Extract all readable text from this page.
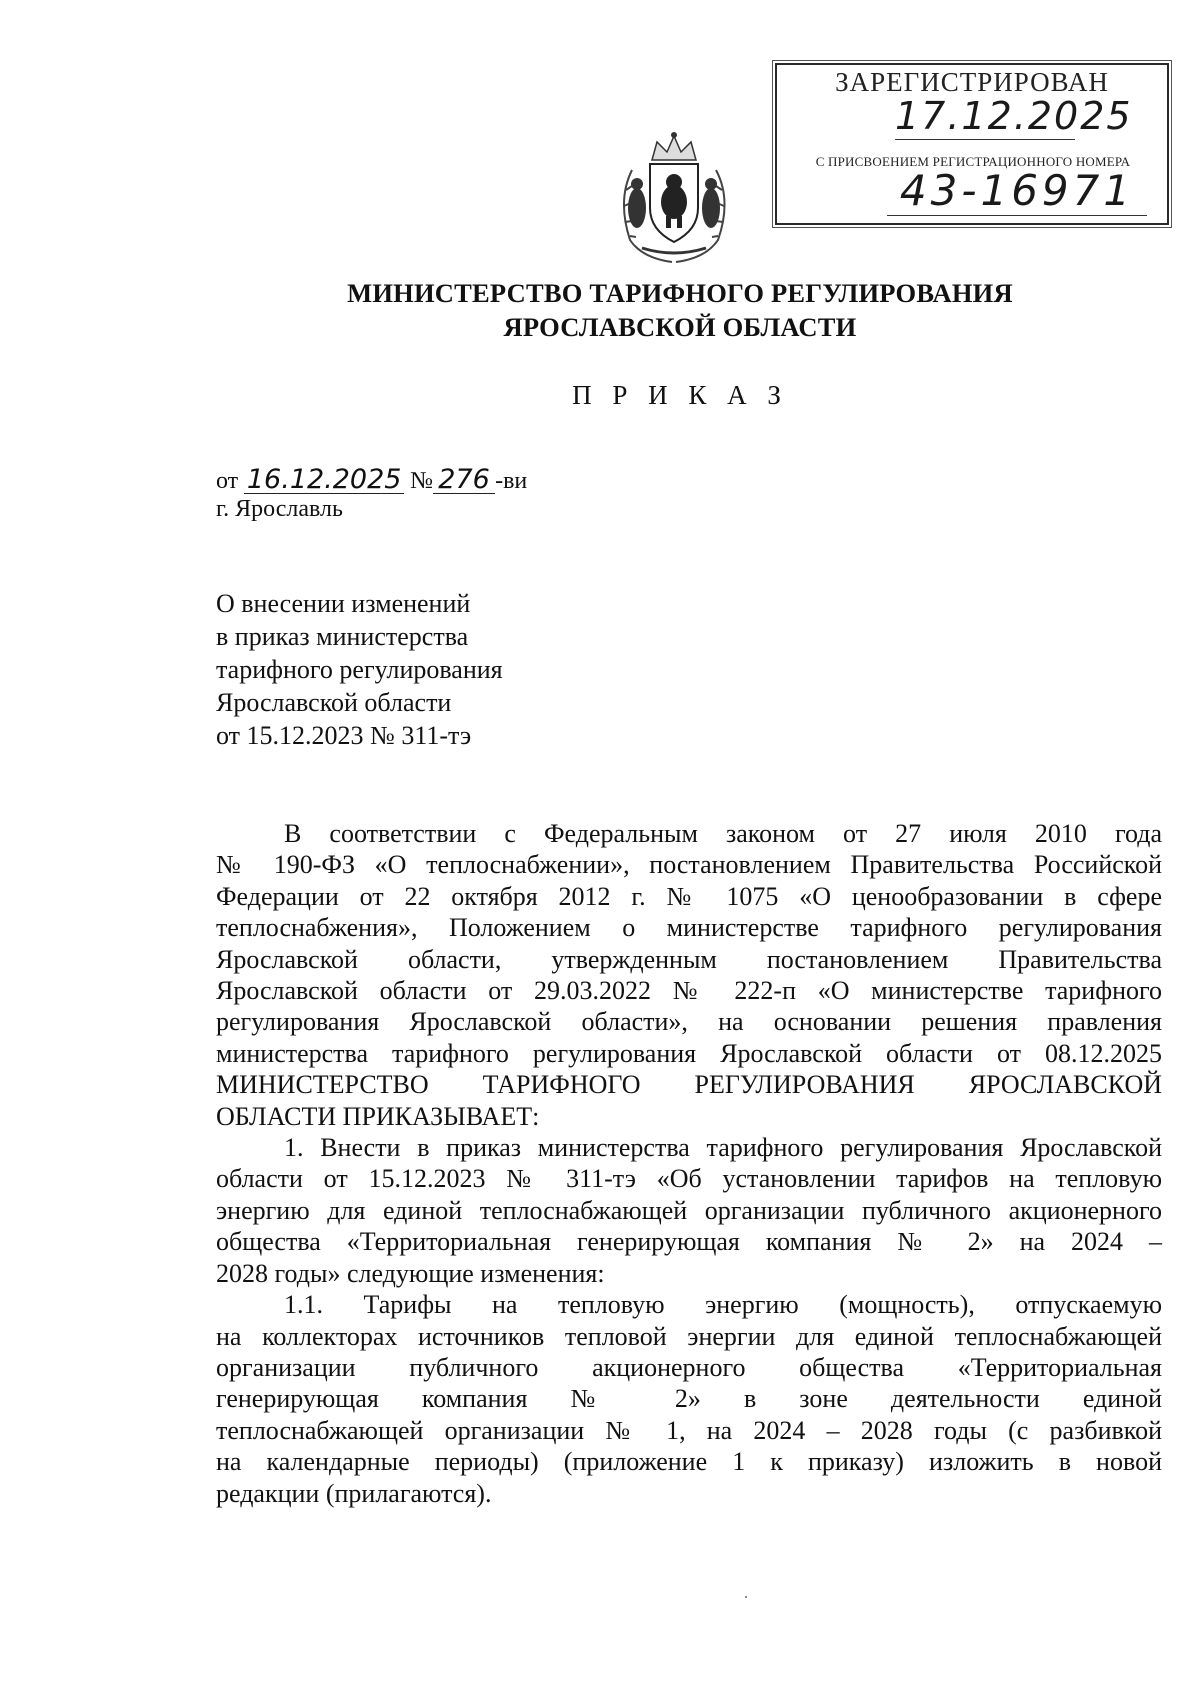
ЗАРЕГИСТРИРОВАН
17.12.2025
С ПРИСВОЕНИЕМ РЕГИСТРАЦИОННОГО НОМЕРА
43-16971
МИНИСТЕРСТВО ТАРИФНОГО РЕГУЛИРОВАНИЯ
ЯРОСЛАВСКОЙ ОБЛАСТИ
П Р И К А З
от 16.12.2025 № 276 -ви
г. Ярославль
О внесении изменений
в приказ министерства
тарифного регулирования
Ярославской области
от 15.12.2023 № 311-тэ
В соответствии с Федеральным законом от 27 июля 2010 года
№ 190-ФЗ «О теплоснабжении», постановлением Правительства Российской
Федерации от 22 октября 2012 г. № 1075 «О ценообразовании в сфере
теплоснабжения», Положением о министерстве тарифного регулирования
Ярославской области, утвержденным постановлением Правительства
Ярославской области от 29.03.2022 № 222-п «О министерстве тарифного
регулирования Ярославской области», на основании решения правления
министерства тарифного регулирования Ярославской области от 08.12.2025
МИНИСТЕРСТВО ТАРИФНОГО РЕГУЛИРОВАНИЯ ЯРОСЛАВСКОЙ
ОБЛАСТИ ПРИКАЗЫВАЕТ:
1. Внести в приказ министерства тарифного регулирования Ярославской
области от 15.12.2023 № 311-тэ «Об установлении тарифов на тепловую
энергию для единой теплоснабжающей организации публичного акционерного
общества «Территориальная генерирующая компания № 2» на 2024 –
2028 годы» следующие изменения:
1.1. Тарифы на тепловую энергию (мощность), отпускаемую
на коллекторах источников тепловой энергии для единой теплоснабжающей
организации публичного акционерного общества «Территориальная
генерирующая компания № 2» в зоне деятельности единой
теплоснабжающей организации № 1, на 2024 – 2028 годы (с разбивкой
на календарные периоды) (приложение 1 к приказу) изложить в новой
редакции (прилагаются).
